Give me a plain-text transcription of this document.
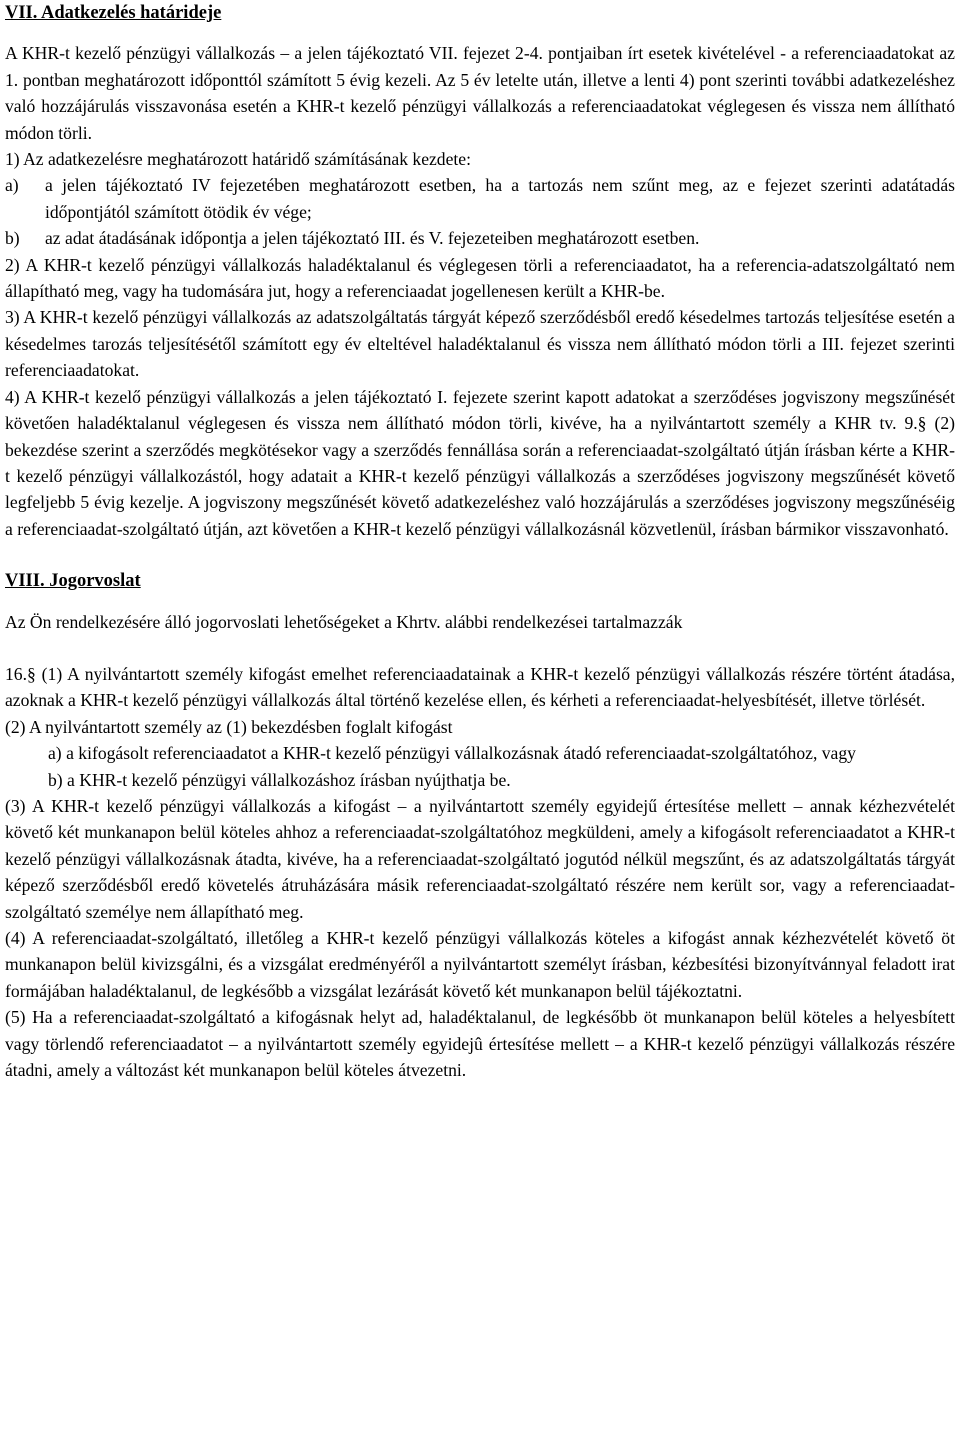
VII. Adatkezelés határideje

A KHR-t kezelő pénzügyi vállalkozás – a jelen tájékoztató VII. fejezet 2-4. pontjaiban írt esetek kivételével - a referenciaadatokat az 1. pontban meghatározott időponttól számított 5 évig kezeli. Az 5 év letelte után, illetve a lenti 4) pont szerinti további adatkezeléshez való hozzájárulás visszavonása esetén a KHR-t kezelő pénzügyi vállalkozás a referenciaadatokat véglegesen és vissza nem állítható módon törli.

1) Az adatkezelésre meghatározott határidő számításának kezdete:

a)	a jelen tájékoztató IV fejezetében meghatározott esetben, ha a tartozás nem szűnt meg, az e fejezet szerinti adatátadás időpontjától számított ötödik év vége;
b)	az adat átadásának időpontja a jelen tájékoztató III. és V. fejezeteiben meghatározott esetben.

2) A KHR-t kezelő pénzügyi vállalkozás haladéktalanul és véglegesen törli a referenciaadatot, ha a referencia-adatszolgáltató nem állapítható meg, vagy ha tudomására jut, hogy a referenciaadat jogellenesen került a KHR-be.

3) A KHR-t kezelő pénzügyi vállalkozás az adatszolgáltatás tárgyát képező szerződésből eredő késedelmes tartozás teljesítése esetén a késedelmes tarozás teljesítésétől számított egy év elteltével haladéktalanul és vissza nem állítható módon törli a III. fejezet szerinti referenciaadatokat.

4) A KHR-t kezelő pénzügyi vállalkozás a jelen tájékoztató I. fejezete szerint kapott adatokat a szerződéses jogviszony megszűnését követően haladéktalanul véglegesen és vissza nem állítható módon törli, kivéve, ha a nyilvántartott személy a KHR tv. 9.§ (2) bekezdése szerint a szerződés megkötésekor vagy a szerződés fennállása során a referenciaadat-szolgáltató útján írásban kérte a KHR-t kezelő pénzügyi vállalkozástól, hogy adatait a KHR-t kezelő pénzügyi vállalkozás a szerződéses jogviszony megszűnését követő legfeljebb 5 évig kezelje. A jogviszony megszűnését követő adatkezeléshez való hozzájárulás a szerződéses jogviszony megszűnéséig a referenciaadat-szolgáltató útján, azt követően a KHR-t kezelő pénzügyi vállalkozásnál közvetlenül, írásban bármikor visszavonható.

VIII. Jogorvoslat

Az Ön rendelkezésére álló jogorvoslati lehetőségeket a Khrtv. alábbi rendelkezései tartalmazzák

16.§ (1) A nyilvántartott személy kifogást emelhet referenciaadatainak a KHR-t kezelő pénzügyi vállalkozás részére történt átadása, azoknak a KHR-t kezelő pénzügyi vállalkozás által történő kezelése ellen, és kérheti a referenciaadat-helyesbítését, illetve törlését.

(2) A nyilvántartott személy az (1) bekezdésben foglalt kifogást

a) a kifogásolt referenciaadatot a KHR-t kezelő pénzügyi vállalkozásnak átadó referenciaadat-szolgáltatóhoz, vagy

b) a KHR-t kezelő pénzügyi vállalkozáshoz írásban nyújthatja be.

(3) A KHR-t kezelő pénzügyi vállalkozás a kifogást – a nyilvántartott személy egyidejű értesítése mellett – annak kézhezvételét követő két munkanapon belül köteles ahhoz a referenciaadat-szolgáltatóhoz megküldeni, amely a kifogásolt referenciaadatot a KHR-t kezelő pénzügyi vállalkozásnak átadta, kivéve, ha a referenciaadat-szolgáltató jogutód nélkül megszűnt, és az adatszolgáltatás tárgyát képező szerződésből eredő követelés átruházására másik referenciaadat-szolgáltató részére nem került sor, vagy a referenciaadat-szolgáltató személye nem állapítható meg.

(4) A referenciaadat-szolgáltató, illetőleg a KHR-t kezelő pénzügyi vállalkozás köteles a kifogást annak kézhezvételét követő öt munkanapon belül kivizsgálni, és a vizsgálat eredményéről a nyilvántartott személyt írásban, kézbesítési bizonyítvánnyal feladott irat formájában haladéktalanul, de legkésőbb a vizsgálat lezárását követő két munkanapon belül tájékoztatni.

(5) Ha a referenciaadat-szolgáltató a kifogásnak helyt ad, haladéktalanul, de legkésőbb öt munkanapon belül köteles a helyesbített vagy törlendő referenciaadatot – a nyilvántartott személy egyidejû értesítése mellett – a KHR-t kezelő pénzügyi vállalkozás részére átadni, amely a változást két munkanapon belül köteles átvezetni.
